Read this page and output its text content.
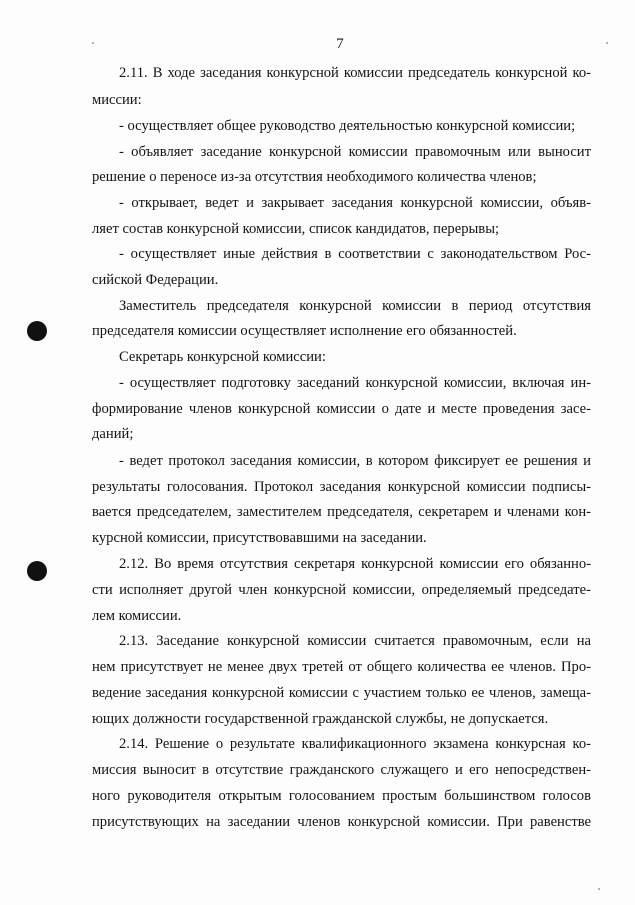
7
2.11. В ходе заседания конкурсной комиссии председатель конкурсной ко-
миссии:
- осуществляет общее руководство деятельностью конкурсной комиссии;
- объявляет заседание конкурсной комиссии правомочным или выносит
решение о переносе из-за отсутствия необходимого количества членов;
- открывает, ведет и закрывает заседания конкурсной комиссии, объяв-
ляет состав конкурсной комиссии, список кандидатов, перерывы;
- осуществляет иные действия в соответствии с законодательством Рос-
сийской Федерации.
Заместитель председателя конкурсной комиссии в период отсутствия
председателя комиссии осуществляет исполнение его обязанностей.
Секретарь конкурсной комиссии:
- осуществляет подготовку заседаний конкурсной комиссии, включая ин-
формирование членов конкурсной комиссии о дате и месте проведения засе-
даний;
- ведет протокол заседания комиссии, в котором фиксирует ее решения и
результаты голосования. Протокол заседания конкурсной комиссии подписы-
вается председателем, заместителем председателя, секретарем и членами кон-
курсной комиссии, присутствовавшими на заседании.
2.12. Во время отсутствия секретаря конкурсной комиссии его обязанно-
сти исполняет другой член конкурсной комиссии, определяемый председате-
лем комиссии.
2.13. Заседание конкурсной комиссии считается правомочным, если на
нем присутствует не менее двух третей от общего количества ее членов. Про-
ведение заседания конкурсной комиссии с участием только ее членов, замеща-
ющих должности государственной гражданской службы, не допускается.
2.14. Решение о результате квалификационного экзамена конкурсная ко-
миссия выносит в отсутствие гражданского служащего и его непосредствен-
ного руководителя открытым голосованием простым большинством голосов
присутствующих на заседании членов конкурсной комиссии. При равенстве
